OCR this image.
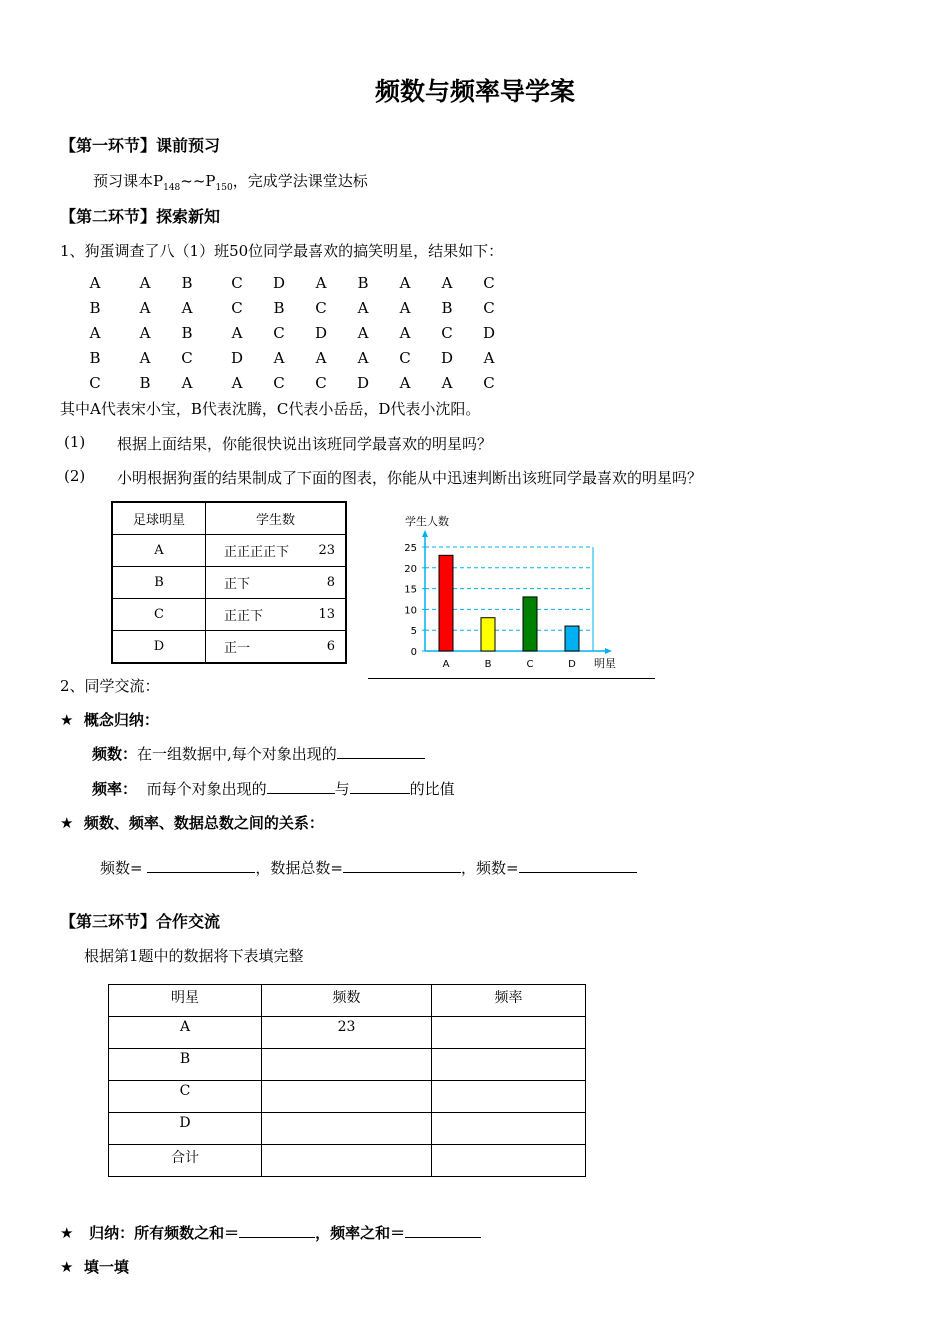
频数与频率导学案
【第一环节】课前预习
预习课本$P_{148}\sim\sim P_{150}$，完成学法课堂达标
【第二环节】探索新知
1、狗蛋调查了八（1）班50位同学最喜欢的搞笑明星，结果如下：
A	A	B	C D	A	B	A	A	C
B	A	A	C B C	A	A	B C
A	A	B	A	C D	A	A	C D
B	A	C	D	A	A	A	C D	A
C	B	A	A	C C D	A	A	C
其中A代表宋小宝，B代表沈腾，C代表小岳岳，D代表小沈阳。
(1) 根据上面结果，你能很快说出该班同学最喜欢的明星吗？
(2) 小明根据狗蛋的结果制成了下面的图表，你能从中迅速判断出该班同学最喜欢的明星吗？
足球明星	学生数
A	正正正正下 23

B	正下 8

C	正正下 13

D	正一 6
学生人数
明星
0
5
10
15
20
25
A	B	C	D
2、同学交流：
★ 概念归纳：
频数：在一组数据中,每个对象出现的
频率： 而每个对象出现的	与	的比值
★ 频数、频率、数据总数之间的关系：
频数=	，数据总数=	，频数=
【第三环节】合作交流
根据第1题中的数据将下表填完整
明星	频数	频率
A	23	
B		
C		
D		
合计		
★ 归纳：所有频数之和＝	，频率之和＝
★ 填一填
